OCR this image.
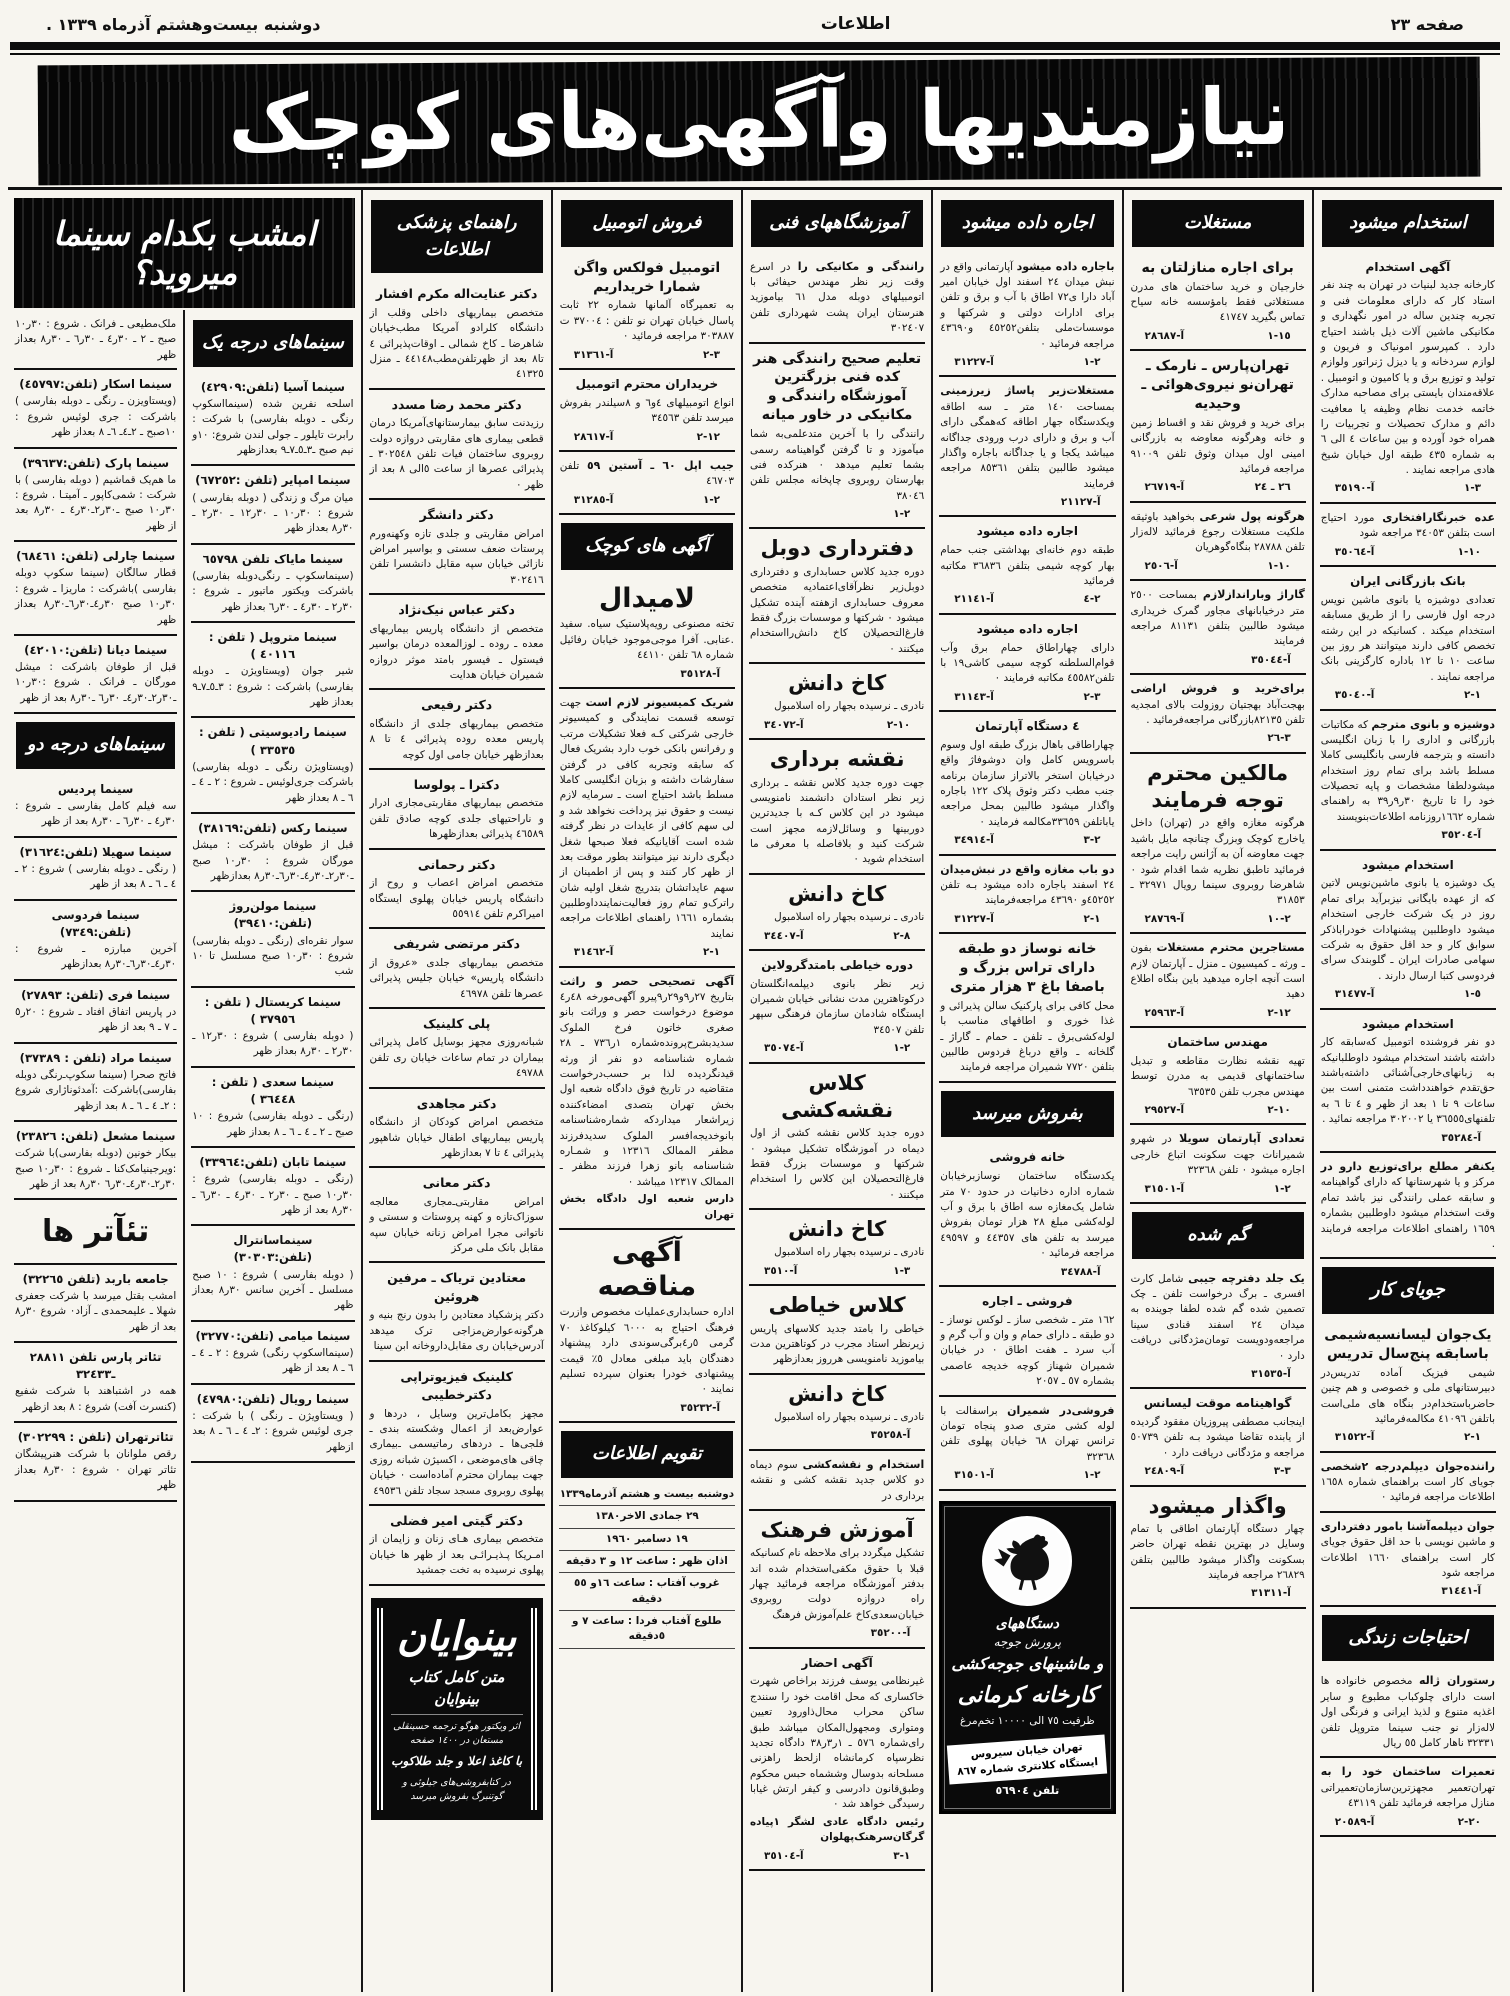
صفحه ٢٣
اطلاعات
دوشنبه بیست‌وهشتم آذرماه ١٣٣٩ .
نیازمندیها وآگهی‌های کوچک
استخدام میشود
آگهی استخدام
کارخانه جدید لبنیات در تهران به چند نفر استاد کار که دارای معلومات فنی و تجربه چندین ساله در امور نگهداری و مکانیکی ماشین آلات ذیل باشند احتیاج دارد . کمپرسور امونیاک و فریون و لوازم سردخانه و یا دیزل ژنراتور ولوازم تولید و توزیع برق و یا کامیون و اتومبیل . علاقه‌مندان بایستی برای مصاحبه مدارک خاتمه خدمت نظام وظیفه یا معافیت دائم و مدارک تحصیلات و تجربیات را همراه خود آورده و بین ساعات ٤ الی ٦ به شماره ٤٣٥ طبقه اول خیابان شیخ هادی مراجعه نمایند .
٣-١
آ-٣٥١٩٠
عده خبرنگارافتخاری مورد احتیاج است بتلفن ٣٤٠٥٣ مراجعه شود
١٠-١
آ-٣٥٠٦٤
بانک بازرگانی ایران
تعدادی دوشیزه یا بانوی ماشین نویس درجه اول فارسی را از طریق مسابقه استخدام میکند . کسانیکه در این رشته تخصص کافی دارند میتوانند هر روز بین ساعت ١٠ تا ١٢ باداره کارگزینی بانک مراجعه نمایند .
١-٢
آ-٣٥٠٤٠
دوشیزه و بانوی مترجم که مکاتبات بازرگانی و اداری را با زبان انگلیسی دانسته و بترجمه فارسی بانگلیسی کاملا مسلط باشد برای تمام روز استخدام میشودلطفا مشخصات و پایه تحصیلات خود را تا تاریخ ٣٠ر٩ر٣٩ به راهنمای شماره ١٦٦٢روزنامه اطلاعات‌بنویسند
آ-٣٥٢٠٤
استخدام میشود
یک دوشیزه یا بانوی ماشین‌نویس لاتین که از عهده بایگانی نیزبرآید برای تمام روز در یک شرکت خارجی استخدام میشود داوطلبین پیشنهادات خودراباذکر سوابق کار و حد اقل حقوق به شرکت سهامی صادرات ایران ـ گلوبندک سرای فردوسی کتبا ارسال دارند .
٥-١
آ-٣١٤٧٧
استخدام میشود
دو نفر فروشنده اتومبیل که‌سابقه کار داشته باشند استخدام میشود داوطلبانیکه به زبانهای‌خارجی‌آشنائی داشته‌باشند حق‌تقدم خواهندداشت متمنی است بین ساعات ٩ تا ١ بعد از ظهر و ٤ تا ٦ به تلفنهای٣٦٥٥٥ یا ٣٠٢٠٠٢ مراجعه نمائید .
آ-٣٥٢٨٤
یکنفر مطلع برای‌توزیع دارو در مرکز و یا شهرستانها که دارای گواهینامه و سابقه عملی رانندگی نیز باشد تمام وقت استخدام میشود داوطلبین بشماره ١٦٥٩ راهنمای اطلاعات مراجعه فرمایند .
جویای کار
یک‌جوان لیسانسیه‌شیمی باسابقه پنج‌سال تدریس
شیمی فیزیک آماده تدریس‌در دبیرستانهای ملی و خصوصی و هم چنین حاضرباستخدام‌در بنگاه های ملی‌است باتلفن ٤١٠٩٦ مکالمه‌فرمائید
١-٢
آ-٣١٥٢٢
راننده‌جوان دیپلم‌درجه ٢شخصی جویای کار است براهنمای شماره ١٦٥٨ اطلاعات مراجعه فرمائید ٠
جوان دیپلمه‌آشنا بامور دفترداری و ماشین نویسی با حد اقل حقوق جویای کار است براهنمای ١٦٦٠ اطلاعات مراجعه شود
آ-٣١٤٤١
احتیاجات زندگی
رستوران ژاله مخصوص خانواده ها است دارای چلوکباب مطبوع و سایر اغذیه متنوع و لذیذ ایرانی و فرنگی اول لاله‌زار نو جنب سینما متروپل تلفن ٣٢٣٣١ ناهار کامل ٥٥ ریال
تعمیرات ساختمان خود را به تهران‌تعمیر مجهزترین‌سازمان‌تعمیراتی منازل مراجعه فرمائید تلفن ٤٣١١٩
٢٠-٢
آ-٢٠٥٨٩
مستغلات
برای اجاره منازلتان به
خارجیان و خرید ساختمان های مدرن مستغلاتی فقط بامؤسسه خانه سیاح تماس بگیرید ٤١٧٤٧
١٥-١
آ-٢٨٦٨٧
تهران‌پارس ـ نارمک ـ تهران‌نو نیروی‌هوائی ـ وحیدیه
برای خرید و فروش نقد و اقساط زمین و خانه وهرگونه معاوضه به بازرگانی امینی اول میدان وثوق تلفن ٩١٠٠٩ مراجعه فرمائید
٢٦ ـ ٢٤
آ-٢٦٧١٩
هرگونه پول شرعی بخواهید باوثیقه ملکیت مستغلات رجوع فرمائید لاله‌زار تلفن ٢٨٧٨٨ بنگاه‌گوهریان
١٠-١
آ-٢٥٠٦
گاراژ وباراندازلازم بمساحت ٢٥٠٠ متر درخیابانهای مجاور گمرک خریداری میشود طالبین بتلفن ٨١١٣١ مراجعه فرمایند
آ-٣٥٠٤٤
برای‌خرید و فروش اراضی بهجت‌آباد بهجتیان روزولت بالای امجدیه تلفن ٨٢١٣٥بازرگانی مراجعه‌فرمائید .
٣-٢٦
مالکین محترم توجه فرمایند
هرگونه مغازه واقع در (تهران) داخل یاخارج کوچک وبزرگ چنانچه مایل باشید جهت معاوضه آن به آژانس رایت مراجعه فرمائید تاطبق نظریه شما اقدام شود ٠ شاهرضا روبروی سینما رویال ٣٢٩٧١ ـ ٣١٨٥٣
٢-١٠
آ-٢٨٧٦٩
مستاجرین محترم مستغلات بفون ـ ورثه ـ کمیسیون ـ منزل ـ آپارتمان لازم است آنچه اجاره میدهید باین بنگاه اطلاع دهید
١٢-٢
آ-٢٥٩٦٣
مهندس ساختمان
تهیه نقشه نظارت مقاطعه و تبدیل ساختمانهای قدیمی به مدرن توسط مهندس مجرب تلفن ٦٣٥٣٥
١٠-٢
آ-٢٩٥٢٧
تعدادی آپارتمان سویلا در شهرو شمیرانات جهت سکونت اتباع خارجی اجاره میشود ٠ تلفن ٣٢٣٦٨
٢-١
آ-٣١٥٠١
گم شده
یک جلد دفترچه جیبی شامل کارت افسری ـ برگ درخواست تلفن ـ چک تصمین شده گم شده لطفا جوینده به میدان ٢٤ اسفند قنادی سینا مراجعه‌ودویست تومان‌مژدگانی دریافت دارد ٠
آ-٣١٥٣٥
گواهینامه موقت لیسانس
اینجانب مصطفی پیروزیان مفقود گردیده از یابنده تقاضا میشود بـه تلفن ٥٠٧٣٩ مراجعه و مژدگانی دریافت دارد ٠
٣-٣
آ-٢٤٨٠٩
واگذار میشود
چهار دستگاه آپارتمان اطاقی با تمام وسایل در بهترین نقطه تهران حاضر بسکونت واگذار میشود طالبین بتلفن ٢٦٨٢٩ مراجعه فرمایند
آ-٣١٣١١
اجاره داده میشود
باجاره داده میشود آپارتمانی واقع در نبش میدان ٢٤ اسفند اول خیابان امیر آباد دارا ی٧٢ اطاق با آب و برق و تلفن برای ادارات دولتی و شرکتها و موسسات‌ملی بتلفن٤٥٢٥٢ و٤٣٦٩٠ مراجعه فرمائید ٠
٢-١
آ-٣١٢٢٧
مستغلات‌زیر پاساژ زیرزمینی بمساحت ١٤٠ متر ـ سه اطاقه ویکدستگاه جهار اطاقه که‌همگی دارای آب و برق و دارای درب ورودی جداگانه میباشد یکجا و یا جداگانه باجاره واگذار میشود طالبین بتلفن ٨٥٣٦١ مراجعه فرمایند
آ-٢١١٢٧
اجاره داده میشود
طبقه دوم خانه‌ای بهداشتی جنب حمام بهار کوچه شیمی بتلفن ٣٦٨٣٦ مکاتبه فرمائید
٢-٤
آ-٢١١٤١
اجاره داده میشود
دارای چهاراطاق حمام برق وآب قوام‌السلطنه کوچه سیمی کاشی١٩ با تلفن٤٥٥٨٢ مکاتبه فرمایند ٠
٣-٢
آ-٣١١٤٣
٤ دستگاه آپارتمان
چهاراطاقی باهال بزرگ طبقه اول وسوم باسرویس کامل وان دوشوفاژ واقع درخیابان استخر بالاتراز سازمان برنامه جنب مطب دکتر وثوق پلاک ١٢٢ باجاره واگذار میشود طالبین بمحل مراجعه یاباتلفن ٣٣٦٥٩مکالمه فرمایند ٠
٢-٣
آ-٣٤٩١٤
دو باب مغازه واقع در نبش‌میدان ٢٤ اسفند باجاره داده میشود بـه تلفن ٤٥٢٥٢و ٤٣٦٩٠ مراجعه‌فرمایند
١-٢
آ-٣١٢٢٧
خانه نوساز دو طبقه دارای تراس بزرگ و باصفا باغ ٣ هزار متری
محل کافی برای پارکنیک سالن پذیرائی و غذا خوری و اطاقهای مناسب با لوله‌کشی‌برق ـ تلفن ـ حمام ـ گاراژ ـ گلخانه ـ واقع درباغ فردوس طالبین بتلفن ٧٧٢٠ شمیران مراجعه فرمایند
بفروش میرسد
خانه فروشی
یکدستگاه ساختمان نوسازبرخیابان شماره اداره دخانیات در حدود ٧٠ متر شامل یک‌مغازه سه اطاق با برق و آب لوله‌کشی مبلغ ٢٨ هزار تومان بفروش میرسد به تلفن های ٤٤٣٥٧ و ٤٩٥٩٧ مراجعه فرمائید ٠
آ-٣٤٧٨٨
فروشی ـ اجاره
١٦٢ متر ـ شخصی ساز ـ لوکس نوساز ـ دو طبقه ـ دارای حمام و وان و آب گرم و آب سرد ـ هفت اطاق ٠ در خیابان شمیران شهناز کوچه خدیجه عاصمی بشماره ٥٧ ـ ٢٠٥٧
فروشی‌در شمیران براسفالت با لوله کشی متری صدو پنجاه تومان ترانس تهران ٦٨ خیابان پهلوی تلفن ٣٢٣٦٨
٢-١
آ-٣١٥٠١
دستگاههای
پرورش جوجه
و ماشینهای جوجه‌کشی
کارخانه کرمانی
ظرفیت ٧٥ الی ١٠٠٠٠ تخم‌مرغ
تهران خیابان سیروس ایستگاه کلانتری شماره ٨٦٧
تلفن ٥٦٩٠٤
آموزشگاههای فنی
رانندگی و مکانیکی را در اسرع وقت زیر نظر مهندس حیفائی با اتومبیلهای دوبله مدل ٦١ بیاموزید هنرستان ایران پشت شهرداری تلفن ٣٠٢٤٠٧
تعلیم صحیح رانندگی هنر کده فنی بزرگترین آموزشگاه رانندگی و مکانیکی در خاور میانه
رانندگی را با آخرین متدعلمی‌به شما میآموزد و تا گرفتن گواهینامه رسمی بشما تعلیم میدهد ٠ هنرکده فنی بهارستان روبروی چاپخانه مجلس تلفن ٣٨٠٤٦
٢-١
دفترداری دوبل
دوره جدید کلاس حسابداری و دفترداری دوبل‌زیر نظرآقای‌اعتمادیه متخصص معروف حسابداری ازهفته آینده تشکیل میشود ٠ شرکتها و موسسات بزرگ فقط فارغ‌التحصیلان کاخ دانش‌رااستخدام میکنند ٠
کاخ دانش
نادری ـ نرسیده بجهار راه اسلامبول
١٠-٢
آ-٣٤٠٧٢
نقشه برداری
جهت دوره جدید کلاس نقشه ـ برداری زیر نظر استادان دانشمند نامنویسی میشود در این کلاس کـه با جدیدترین دوربینها و وسائل‌لازمه مجهز است شرکت کنید و بلافاصله با معرفی ما استخدام شوید ٠
کاخ دانش
نادری ـ نرسیده بجهار راه اسلامبول
٨-٢
آ-٣٤٤٠٧
دوره خیاطی بامتدگرولاین
زیر نظر بانوی دیپلمه‌انگلستان درکوتاهترین مدت نشانی خیابان شمیران ایستگاه شادمان سازمان فرهنگی سپهر تلفن ٣٤٥٠٧
٢-١
آ-٣٥٠٧٤
کلاس نقشه‌کشی
دوره جدید کلاس نقشه کشی از اول دیماه در آموزشگاه تشکیل میشود ٠ شرکتها و موسسات بزرگ فقط فارغ‌التحصیلان این کلاس را استخدام میکنند ٠
کاخ دانش
نادری ـ نرسیده بجهار راه اسلامبول
٣-١
آ-٣٥١٠
کلاس خیاطی
خیاطی را بامتد جدید کلاسهای پاریس زیرنظر استاد مجرب در کوتاهترین مدت بیاموزید نامنویسی هرروز بعدازظهر
کاخ دانش
نادری ـ نرسیده بجهار راه اسلامبول
آ-٣٥٢٥٨
استخدام و نقشه‌کشی سوم دیماه دو کلاس جدید نقشه کشی و نقشه برداری در
آموزش فرهنک
تشکیل میگردد برای ملاحظه نام کسانیکه قبلا با حقوق مکفی‌استخدام شده اند بدفتر آموزشگاه مراجعه فرمائید چهار راه دروازه دولت روبروی خیابان‌سعدی‌کاخ علم‌آموزش فرهنگ
آ-٣٥٢٠٠
آگهی احضار
غیرنظامی یوسف فرزند براخاص شهرت خاکساری که محل اقامت خود را سنندج ساکن محراب محال‌ذاورود تعیین ومتواری ومجهول‌المکان میباشد طبق رای‌شماره ٥٧٦ ـ ١ر٣ر٣٨ دادگاه تجدید نظرسپاه کرمانشاه ازلحظ راهزنی مسلحانه بدوسال وششماه حبس محکوم وطبق‌قانون دادرسی و کیفر ارتش غیابا رسیدگی خواهد شد ٠
رئیس دادگاه عادی لشگر ١پیاده گرگان‌سرهنک‌پهلوان
١-٣
آ-٣٥١٠٤
فروش اتومبیل
اتومبیل فولکس واگن شمارا خریداریم
به تعمیرگاه آلمانها شماره ٢٢ ثابت پاسال خیابان تهران نو تلفن : ٣٧٠٠٤ ت ٣٠٣٨٨٧ مراجعه فرمائید ٠
٣-٢
آ-٣١٣٦١
خریداران محترم اتومبیل
انواع اتومبیلهای ٤و٦ و ٨سیلندر بفروش میرسد تلفن ٣٤٥٦٣
١٢-٢
آ-٢٨٦١٧
جیب اپل ٦٠ ـ آستین ٥٩ تلفن ٤٦٧٠٣
٢-١
آ-٣١٢٨٥
آگهی های کوچک
لامیدال
تخته مصنوعی رویه‌پلاستیک سیاه. سفید .عنابی. آفرا موجی‌موجود خیابان رفائیل شماره ٦٨ تلفن ٤٤١١٠
آ-٣٥١٢٨
شریک کمیسیونر لازم است جهت توسعه قسمت نمایندگی و کمیسیونر خارجی شرکتی کـه فعلا تشکیلات مرتب و رفرانس بانکی خوب دارد بشریک فعال که سابقه وتجربه کافی در گرفتن سفارشات داشته و بزبان انگلیسی کاملا مسلط باشد احتیاج است ـ سرمایه لازم نیست و حقوق نیز پرداخت نخواهد شد و لی سهم کافی از عایدات در نظر گرفته شده است آقایانیکه فعلا صبحها شغل دیگری دارند نیز میتوانند بطور موقت بعد از ظهر کار کنند و پس از اطمینان از سهم عایداتشان بتدریج شغل اولیه شان راترک‌و تمام روز فعالیت‌نمایندداوطلبین بشماره ١٦٦١ راهنمای اطلاعات مراجعه نمایند
١-٢
آ-٣١٤٦٢
آگهی تصحیحی حصر و راثت بتاریخ ٢٧ر٩و٢٩ر٩پیرو آگهی‌مورخه ٤٨ر٤ موضوع درخواست حصر و وراثت بانو صغری خاتون فرخ الملوک سدیدبشرح‌پرونده‌شماره ١ر٧٣٦ ـ ٢٨ شماره شناسنامه دو نفر از ورثه قیدنگردیده لذا بر حسب‌درخواست متقاضیه در تاریخ فوق دادگاه شعبه اول بخش تهران بتصدی امضاءکننده زیراشعار میداردکه شماره‌شناسنامه بانوخدیجه‌افسر الملوک سدیدفرزند مظفر الممالک ١٢٣١٦ و شمـاره شناسنامه بانو زهرا فرزند مظفر ـ الممالک ١٢٣١٧ میباشد ٠
دارس شعبه اول دادگاه بخش تهران
آگهی مناقصه
اداره حسابداری‌عملیات مخصوص وازرت فرهنگ احتیاج به ٦٠٠٠ کیلوکاغذ ٧٠ گرمی ٥ر٤برگی‌سوندی دارد پیشنهاد دهندگان باید مبلغی معادل ٥٪ قیمت پیشنهادی خودرا بعنوان سپرده تسلیم نمایند ٠
آ-٣٥٢٣٢
تقویم اطلاعات
دوشنبه بیست و هشتم آذرماه١٣٣٩
٢٩ جمادی الاخر١٣٨٠
١٩ دسامبر ١٩٦٠
اذان ظهر : ساعت ١٢ و ٣ دقیقه
غروب آفتاب : ساعت ١٦و ٥٥ دقیقه
طلوع آفتاب فردا : ساعت ٧ و ٥دقیقه
راهنمای پزشکی اطلاعات
دکتر عنایت‌اله مکرم افشار
متخصص بیماریهای داخلی وقلب از دانشگاه کلرادو آمریکا مطب‌خیابان شاهرضا ـ کاخ شمالی ـ اوقات‌پذیرائی ٤ تا٨ بعد از ظهرتلفن‌مطب٤٤١٤٨ ـ منزل ٤١٣٢٥
دکتر محمد رضا مسدد
رزیدنت سابق بیمارستانهای‌آمریکا درمان قطعی بیماری های مقاربتی دروازه دولت روبروی ساختمان فیات تلفن ٣٠٢٥٤٨ ـ پذیرائی عصرها از ساعت ٥الی ٨ بعد از ظهر ٠
دکتر دانشگر
امراض مقاربتی و جلدی تازه وکهنه‌ورم پرستات ضعف سستی و بواسیر امراض نازائی خیابان سپه مقابل دانشسرا تلفن ٣٠٢٤١٦
دکتر عباس نیک‌نژاد
متخصص از دانشگاه پاریس بیماریهای معده ـ روده ـ لوزالمعده درمان بواسیر فیستول ـ فیسور بامتد موثر دروازه شمیران خیابان هدایت
دکتر رفیعی
متخصص بیماریهای جلدی از دانشگاه پاریس معده روده پذیرائی ٤ تا ٨ بعدازظهر خیابان جامی اول کوچه
دکترا ـ پولوسا
متخصص بیماریهای مقاربتی‌مجاری ادرار و ناراحتیهای جلدی کوچه صادق تلفن ٤٦٥٨٩ پذیرائی بعدازظهرها
دکتر رحمانی
متخصص امراض اعصاب و روح از دانشگاه پاریس خیابان پهلوی ایستگاه امیراکرم تلفن ٥٥٩١٤
دکتر مرتضی شریفی
متخصص بیماریهای جلدی «عروق از دانشگاه پاریس» خیابان جلیس پذیرائی عصرها تلفن ٤٦٩٧٨
پلی کلینیک
شبانه‌روزی مجهز بوسایل کامل پذیرائی بیماران در تمام ساعات خیابان ری تلفن ٤٩٧٨٨
دکتر مجاهدی
متخصص امراض کودکان از دانشگاه پاریس بیماریهای اطفال خیابان شاهپور پذیرائی ٤ تا ٧ بعدازظهر
دکتر معانی
امراض مقاربتی‌ـ‌مجاری معالجه سوزاک‌تازه و کهنه پروستات و سستی و ناتوانی مجرا امراض زنانه خیابان سپه مقابل بانک ملی مرکز
معتادین تریاک ـ مرفین هروئین
دکتر پزشکیاد معتادین را بدون رنج بنیه و هرگونه‌عوارض‌مزاجی ترک میدهد آدرس‌خیابان ری مقابل‌داروخانه ابن سینا
کلینیک فیزیوتراپی دکترخطیبی
مجهز بکامل‌ترین وسایل ، دردها و عوارض‌بعد از اعمال وشکسته بندی ـ فلجی‌ها ـ دردهای رماتیسمی ـ‌بیماری چاقی های‌موضعی ، اکسیژن شبانه روزی جهت بیماران محترم آماده‌است ٠ خیابان پهلوی روبروی مسجد سجاد تلفن ٤٩٥٣٦
دکتر گیتی امیر فضلی
متخصص بیماری هـای زنان و زایمان از امـریکا پـذیـرائـی بعد از ظهر ها خیابان پهلوی نرسیده به تخت جمشید
بینوایان
متن کامل کتاب بینوایان
اثر ویکتور هوگو ترجمه حسینقلی مستعان در ١٤٠٠ صفحه
با کاغذ اعلا و جلد طلاکوب
در کتابفروشی‌های جیلوئی و گوتنبرگ بفروش میرسد
امشب بکدام سینما میروید؟
سینماهای درجه یک
سینما آسیا (تلفن:٤٢٩٠٩)
اسلحه نفرین شده (سینمااسکوپ رنگی ـ دوبله بفارسی) با شرکت : رابرت تایلور ـ جولی لندن شروع: ١٠و نیم صبح ـ٣ـ٥ـ٧ـ٩ بعدازظهر
سینما امپایر (تلفن :٦٧٢٥٢)
میان مرگ و زندگی ( دوبله بفارسی ) شروع : ٣٠ر١٠ ـ ٣٠ر١٢ ـ ٣٠ر٢ ـ ٣٠ر٨ بعداز ظهر
سینما مایاک تلفن ٦٥٧٩٨
(سینماسکوپ ـ رنگی‌دوبله بفارسی) باشرکت ویکتور ماتیور ـ شروع : ٣٠ر٢ ـ ٣٠ر٤ ـ ٣٠ر٦ بعداز ظهر
سینما متروپل ( تلفن : ٤٠١١٦ )
شیر جوان (ویستاویژن ـ دوبله بفارسی) باشرکت : شروع : ٣ـ٥ـ٧ـ٩ بعداز ظهر
سینما رادیوسیتی ( تلفن : ٣٣٥٣٥ )
(ویستاویژن رنگی ـ دوبله بفارسی) باشرکت جری‌لوئیس ـ شروع : ٢ ـ ٤ ـ ٦ ـ ٨ بعداز ظهر
سینما رکس (تلفن:٣٨١٦٩)
قبل از طوفان باشرکت : میشل مورگان شروع : ٣٠ر١٠ صبح ـ٣٠ر٢ـ٣٠ر٤ـ٣٠ر٦ـ٣٠ر٨ بعدازظهر
سینما مولن‌روژ (تلفن:٣٩٤١٠)
سوار نقره‌ای (رنگی ـ دوبله بفارسی) شروع : ٣٠ر١٠ صبح مسلسل تا ١٠ شب
سینما کریستال ( تلفن : ٣٧٩٥٦ )
( دوبله بفارسی ) شروع : ٣٠ر١٢ ـ ٣٠ر٢ ـ ٣٠ر٨ بعداز ظهر
سینما سعدی ( تلفن : ٣٦٤٤٨ )
(رنگی ـ دوبله بفارسی) شروع : ١٠ صبح ـ ٢ ـ ٤ ـ ٦ ـ ٨ بعداز ظهر
سینما تابان (تلفن:٣٣٩٦٤)
(رنگی ـ دوبله بفارسی) شروع : ٣٠ر١٠ صبح ـ ٣٠ر٢ ـ ٣٠ر٤ ـ ٣٠ر٦ ـ ٣٠ر٨ بعد از ظهر
سینماسانترال (تلفن:٣٠٣٠٣)
( دوبله بفارسی ) شروع : ١٠ صبح مسلسل ـ آخرین سانس ٣٠ر٨ بعداز ظهر
سینما میامی (تلفن:٣٢٧٧٠)
(سینمااسکوپ رنگی) شروع : ٢ ـ ٤ ـ ٦ ـ ٨ بعد از ظهر
سینما رویال (تلفن:٤٧٩٨٠)
( ویستاویژن ـ رنگی ) با شرکت : جری لوئیس شروع : ٢ـ ٤ ـ ٦ ـ ٨ بعد ازظهر
ملک‌مطیعی ـ فرانک . شروع : ٣٠ر١٠ صبح ـ ٢ ـ ٣٠ر٤ ـ ٣٠ر٦ ـ ٣٠ر٨ بعداز ظهر
سینما اسکار (تلفن:٤٥٧٩٧)
(ویستاویزن ـ رنگی ـ دوبله بفارسی ) باشرکت : جری لوئیس شروع : ١٠صبح ـ ٢ـ٤ـ ٦ـ ٨ بعداز ظهر
سینما پارک (تلفن:٣٩٦٣٧)
ما هم‌یک قماشیم ( دوبله بفارسی ) با شرکت : شمی‌کاپور ـ آمیتـا . شروع : ٣٠ر١٠ صبح ـ٣٠ر٢ـ٣٠ر٤ ـ ٣٠ر٨ بعد از ظهر
سینما چارلی (تلفن: ٦٨٤٦١)
قطار سالگان (سینما سکوپ دوبله بفارسی )باشرکت : ماریزا ـ شروع : ٣٠ر١٠ صبح ٣٠ر٤ـ٣٠ر٦ـ٣٠ر٨ بعداز ظهر
سینما دیانا (تلفن:٤٢٠١٠)
قبل از طوفان باشرکت : میشل مورگان ـ فرانک . شروع :٣٠ر١٠ ـ٣٠ر٢ـ٣٠ر٤ـ ٣٠ر٦ ـ٣٠ر٨ بعد از ظهر
سینماهای درجه دو
سینما پردیس
سه فیلم کامل بفارسی ـ شروع : ٣٠ر٤ ـ ٣٠ر٦ ـ ٣٠ر٨ بعد از ظهر
سینما سهیلا (تلفن:٣١٦٢٤)
( رنگی ـ دوبله بفارسی ) شروع : ٢ ـ ٤ ـ ٦ ـ ٨ بعد از ظهر
سینما فردوسی (تلفن:٧٣٤٩)
آخرین مبارزه ـ شروع : ٣٠ر٤ـ٣٠ر٦ـ٣٠ر٨ بعدازظهر
سینما فری (تلفن: ٢٧٨٩٣)
در پاریس اتفاق افتاد ـ شروع : ٢٠ر٥ ـ ٧ ـ ٩ بعد از ظهر
سینما مراد (تلفن : ٣٧٣٨٩)
فاتح صحرا (سینما سکوپ‌ـ‌رنگی دوبله بفارسی)باشرکت :آمدئوناژاری شروع : ٢ـ ٤ ـ ٦ ـ ٨ بعد ازظهر
سینما مشعل (تلفن: ٢٣٨٢٦)
بیکار خونین (دوبله بفارسی)با شرکت :ویرجینیامک‌کنا ـ شروع : ٣٠ر١٠ صبح ٣٠ر٢ـ٣٠ر٤ـ٣٠ر٦ ٣٠ر٨ بعد از ظهر
تئآتر ها
جامعه باربد (تلفن ٣٢٢٦٥)
امشب بقتل میرسد با شرکت جعفری شهلا ـ علیمحمدی ـ آزاد٠ شروع ٣٠ر٨ بعد از ظهر
تئاتر پارس تلفن ٢٨٨١١ ـ٣٢٤٣٣
همه در اشتباهند با شرکت شفیع (کنسرت آفت) شروع : ٨ بعد ازظهر
تئاترتهران (تلفن : ٣٠٢٢٩٩)
رقص ملوانان با شرکت هنرپیشگان تئاتر تهران ٠ شروع : ٣٠ر٨ بعداز ظهر
